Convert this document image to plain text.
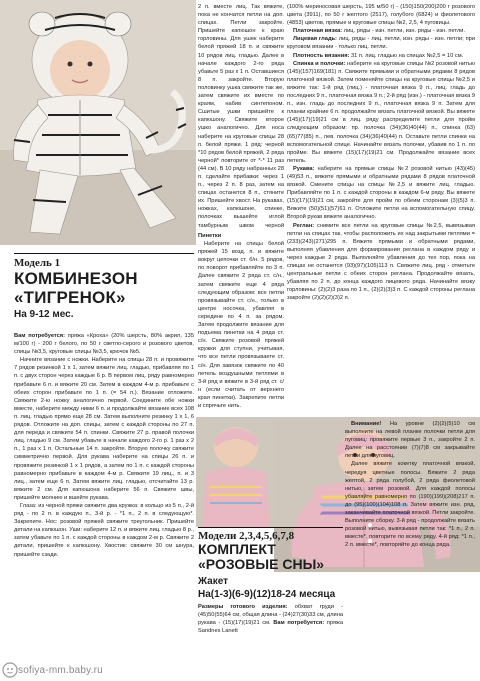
Модель 1
КОМБИНЕЗОН
«ТИГРЕНОК»
На 9-12 мес.

Вам потребуется: пряжа «Кроха» (20% шерсть, 80% акрил, 135 м/100 г) - 200 г белого, по 50 г светло-серого и розового цветов, спицы №3,5, круговые спицы №3,5, крючок №5.

Начните вязание с ножки. Наберите на спицы 28 п. и провяжите 7 рядов резинкой 1 х 1, затем вяжите лиц. гладью, прибавляя по 1 п. с двух сторон через каждые 6 р. В первом лиц. ряду равномерно прибавьте 6 п. и вяжите 20 см. Затем в каждом 4-м р. прибавьте с обеих сторон прибавьте по 1 п. (= 54 п.). Вязание отложите. Свяжите 2-ю ножку аналогично первой. Соедините обе ножки вместе, наберите между ними 6 п. и продолжайте вязание всех 108 п. лиц. гладью прямо еще 28 см. Затем выполните резинку 1 х 1, 6 рядов. Отложите на доп. спицы, затем с каждой стороны по 27 п. для переда и свяжите 54 п. спинки. Свяжите 27 р. правой полочки лиц. гладью 9 см. Затем убавьте в начале каждого 2-го р. 1 раз х 2 п., 1 раз х 1 п. Остальные 14 п. закройте. Вторую полочку свяжите симметрично первой. Для рукава наберите на спицы 26 п. и провяжите резинкой 1 х 1 рядов, а затем по 1 п. с каждой стороны равномерно прибавьте в каждом 4-м р. Свяжите 19 лиц., п. и 3 лиц., затем еще 6 п. Затем вяжите лиц. гладью, отсчитайте 13 р. вяжите 2 см. Для капюшона наберите 56 п. Свяжите швы, пришейте молнию и вшейте рукава.

Глаза: из черной пряжи свяжите два кружка: в кольцо из 5 п., 2-й ряд - по 2 п. в каждую п., 3-й р. - *1 п., 2 п. в следующую*. Закрепите. Нос: розовой пряжей свяжите треугольник. Пришейте детали на капюшон. Уши: наберите 12 п. и вяжите лиц. гладью 8 р., затем убавьте по 1 п. с каждой стороны в каждом 2-м р. Свяжите 2 детали, пришейте к капюшону. Хвостик: свяжите 30 см шнура, пришейте сзади.

2 п. вместе лиц. Так вяжите, пока не кончатся петли на доп. спицах. Петли закройте. Пришейте капюшон к краю горловины. Для ушек наберите белой пряжей 18 п. и свяжите 10 рядов лиц. гладью. Далее в начале каждого 2-го ряда убавьте 5 раз х 1 п. Оставшиеся 8 п. закройте. Вторую половинку ушка свяжите так же, затем свяжите их вместе по краям, набив синтепоном. Сшитые ушки пришейте к капюшону. Свяжите второе ушко аналогично. Для носа наберите на круговые спицы 28 п. белой пряжи. 1 ряд: черной *10 рядов белой пряжей, 2 ряда черной* повторите от *-* 11 раз (44 см). В 10 ряду набранных 28 п. сделайте прибавки: через 1 п., через 2 п. 8 раз, затем на спицах останется 8 п., стяните их. Пришейте хвост. На рукавах, ножках, капюшоне, спинке, полочках вышейте иглой тамбурным швом черной

Пинетки

Наберите на спицы белой пряжей 15 возд. п. и вяжите вокруг цепочки ст. б/н. 5 рядов, по поворот прибавляйте по 3 п. Далее свяжите 2 ряда ст. с/н., затем свяжите еще 4 ряда следующим образом: все петли провязывайте ст. с/н., только в центре носочка, убавляя в середине по 4 п. за рядом. Затем продолжите вязание для подъема пинетки на 4 ряда ст. с/н. Свяжите розовой пряжей кружки для ступни, учитывая, что все петли провязываете ст. с/н. Для завязок свяжите по 40 петель воздушными петлями в 3-й ряд и вяжите в 3-й ряд ст. с/н (если считать от верхнего края пинетки). Закрепите петли и спрячьте нить.

(100% мериносовая шерсть, 195 м/50 г) - (150)150(200)200 г розового цвета (3911), по 50 г желтого (2517), голубого (6824) и фиолетового (4853) цветов, прямые и круговые спицы №2, 2,5, 4 пуговицы.

Платочная вязка: лиц. ряды - изн. петли, изн. ряды - изн. петли.

Лицевая гладь: лиц. ряды - лиц. петли, изн. ряды - изн. петли; при круговом вязании - только лиц. петли.

Плотность вязания: 31 п. лиц. гладью на спицах №2,5 = 10 см.

Спинка и полочки: наберите на круговые спицы №2 розовой нитью (145)(157)169(181) п. Свяжите прямыми и обратными рядами 8 рядов платочной вязкой. Затем поменяйте спицы на круговые спицы №2,5 и вяжите так: 1-й ряд (лиц.) - платочная вязка 9 п., лиц. гладь до последних 9 п., платочная вязка 9 п.; 2-й ряд (изн.) - платочная вязка 9 п., изн. гладь до последних 9 п., платочная вязка 9 п. Затем для планки крайние 6 п. продолжайте вязать платочной вязкой. Вы вяжете (145)(17)(19)21 см в лиц. ряду распределите петли для пройм следующим образом: пр. полочка (34)(36)40(44) п., спинка (63)(65)77(85) п., лев. полочка (34)(36)40(44) п. Оставьте петли спинки на вспомогательной спице. Начинайте вязать полочки, убавив по 1 п. по пройме. Вы вяжете (15)(17)(19)21 см. Продолжайте вязание всех петель.

Рукава: наберите на прямые спицы №2 розовой нитью (43)(45)(49)53 п., вяжите прямыми и обратными рядами 8 рядов платочной вязкой. Смените спицы на спицы №2,5 и вяжите лиц. гладью. Прибавляйте по 1 п. с каждой стороны в каждом 6-м ряду. Вы вяжете (15)(17)(19)21 см, закройте для пройм по обеим сторонам (3)(5)3 п. Вяжите (50)(51)(57)61 п. Отложите петли на вспомогательную спицу. Второй рукав вяжите аналогично.

Реглан: снимите все петли на круговые спицы №2,5, вывязывая петли на спицах так, чтобы расположить их над закрытыми петлями = (233)(243)(271)295 п. Вяжите прямыми и обратными рядами, выполняя убавления для формирования реглана в каждом ряду и через каждые 2 ряда. Выполняйте убавления до тех пор, пока на спицах не останется (93)(97)(105)113 п. Свяжите лиц. ряд - отметьте центральные петли с обеих сторон реглана. Продолжайте вязать, убавляя по 2 п. до конца каждого лицевого ряда. Начинайте вязку горловины: (2)(2)3 раза по 1 п., (2)(2)(3)3 п. С каждой стороны реглана закройте (2)(2)(2)(3)2 п.

Модели 2,3,4,5,6,7,8
КОМПЛЕКТ
«РОЗОВЫЕ СНЫ»
Жакет
На(1-3)(6-9)(12)18-24 месяца
Размеры готового изделия: обхват груди - (45)50(55)64 см, общая длина - (24)27(30)33 см, длина рукава - (15)(17)(19)21 см. Вам потребуется: пряжа Sandnes Lanett

Внимание! На уровне (2)(2)(5)10 см выполните на левой планке полочки петли для пуговиц: провяжите первые 3 п., закройте 2 п. Далее на расстоянии (7)(7)8 см закрывайте петли для пуговиц.

Далее вяжите кокетку платочной вязкой, чередуя цветные полосы. Вяжите 2 ряда желтой, 2 ряда голубой, 2 ряда фиолетовой нитью, затем розовой. Для каждой полосы убавляйте равномерно по (190)(199)(208)217 п. до (95)(100)(104)108 п. Затем вяжите изн. ряд, заканчивайте платочной вязкой. Петли закройте. Выполните сборку. 3-й ряд - продолжайте вязать розовой нитью, вывязывая петли так: *1 п., 2 п. вместе*, повторите по всему ряду. 4-й ряд: *1 п., 2 п. вместе*, повторяйте до конца ряда.

sofiya-mm.baby.ru
